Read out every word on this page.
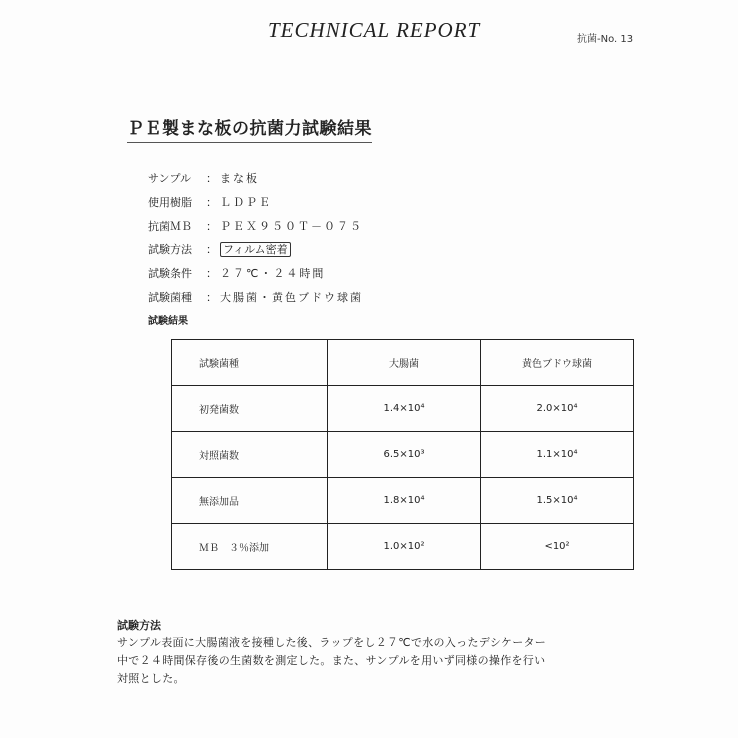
TECHNICAL REPORT	抗菌-No. 13
ＰＥ製まな板の抗菌力試験結果
サンプル ： まな板
使用樹脂 ： ＬＤＰＥ
抗菌ＭＢ ： ＰＥＸ９５０Ｔ－０７５
試験方法 ： フィルム密着
試験条件 ： ２７℃・２４時間
試験菌種 ： 大腸菌・黄色ブドウ球菌
試験結果
試験菌種	大腸菌	黄色ブドウ球菌
初発菌数	1.4×10⁴	2.0×10⁴
対照菌数	6.5×10³	1.1×10⁴
無添加品	1.8×10⁴	1.5×10⁴
ＭＢ　３％添加	1.0×10²	<10²
試験方法
サンプル表面に大腸菌液を接種した後、ラップをし２７℃で水の入ったデシケーター
中で２４時間保存後の生菌数を測定した。また、サンプルを用いず同様の操作を行い
対照とした。
